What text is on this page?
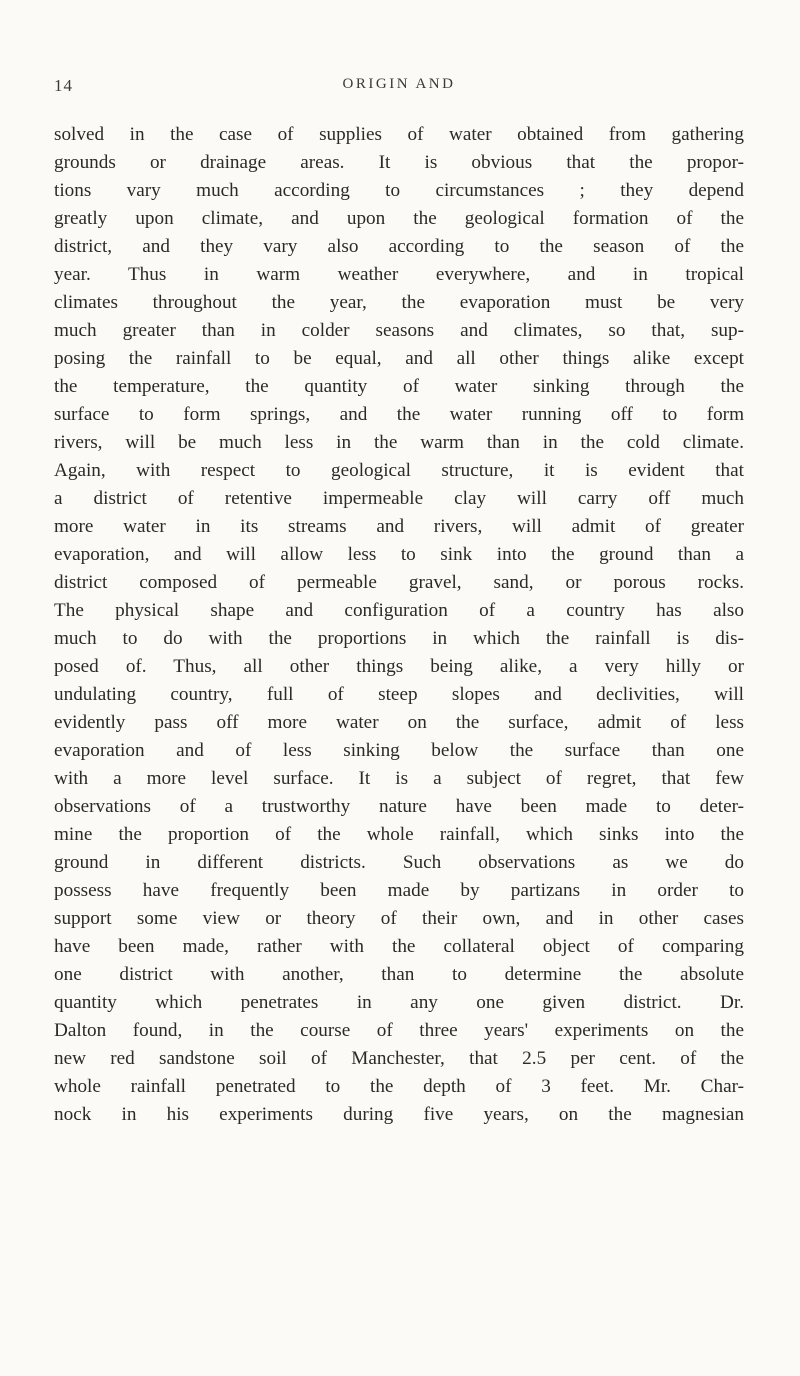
14	ORIGIN AND
solved in the case of supplies of water obtained from gathering
grounds or drainage areas. It is obvious that the propor-
tions vary much according to circumstances ; they depend
greatly upon climate, and upon the geological formation of the
district, and they vary also according to the season of the
year. Thus in warm weather everywhere, and in tropical
climates throughout the year, the evaporation must be very
much greater than in colder seasons and climates, so that, sup-
posing the rainfall to be equal, and all other things alike except
the temperature, the quantity of water sinking through the
surface to form springs, and the water running off to form
rivers, will be much less in the warm than in the cold climate.
Again, with respect to geological structure, it is evident that
a district of retentive impermeable clay will carry off much
more water in its streams and rivers, will admit of greater
evaporation, and will allow less to sink into the ground than a
district composed of permeable gravel, sand, or porous rocks.
The physical shape and configuration of a country has also
much to do with the proportions in which the rainfall is dis-
posed of. Thus, all other things being alike, a very hilly or
undulating country, full of steep slopes and declivities, will
evidently pass off more water on the surface, admit of less
evaporation and of less sinking below the surface than one
with a more level surface. It is a subject of regret, that few
observations of a trustworthy nature have been made to deter-
mine the proportion of the whole rainfall, which sinks into the
ground in different districts. Such observations as we do
possess have frequently been made by partizans in order to
support some view or theory of their own, and in other cases
have been made, rather with the collateral object of comparing
one district with another, than to determine the absolute
quantity which penetrates in any one given district. Dr.
Dalton found, in the course of three years' experiments on the
new red sandstone soil of Manchester, that 2.5 per cent. of the
whole rainfall penetrated to the depth of 3 feet. Mr. Char-
nock in his experiments during five years, on the magnesian
